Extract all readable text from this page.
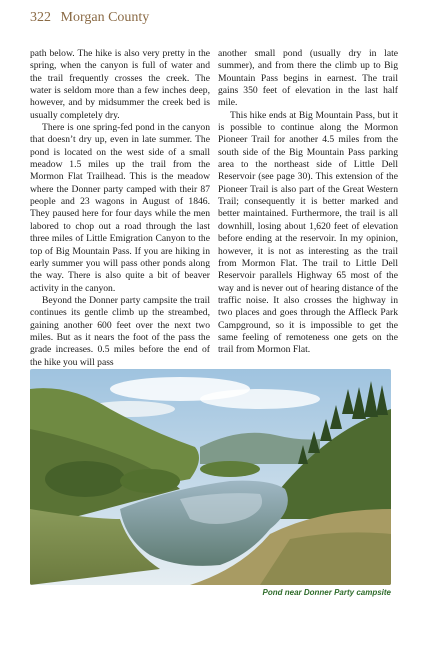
322 Morgan County

path below. The hike is also very pretty in the spring, when the canyon is full of water and the trail frequently crosses the creek. The water is seldom more than a few inches deep, however, and by midsummer the creek bed is usually completely dry.

There is one spring-fed pond in the canyon that doesn’t dry up, even in late summer. The pond is located on the west side of a small meadow 1.5 miles up the trail from the Mormon Flat Trailhead. This is the meadow where the Donner party camped with their 87 people and 23 wagons in August of 1846. They paused here for four days while the men labored to chop out a road through the last three miles of Little Emigration Canyon to the top of Big Mountain Pass. If you are hiking in early summer you will pass other ponds along the way. There is also quite a bit of beaver activity in the canyon.

Beyond the Donner party campsite the trail continues its gentle climb up the streambed, gaining another 600 feet over the next two miles. But as it nears the foot of the pass the grade increases. 0.5 miles before the end of the hike you will pass

another small pond (usually dry in late summer), and from there the climb up to Big Mountain Pass begins in earnest. The trail gains 350 feet of elevation in the last half mile.

This hike ends at Big Mountain Pass, but it is possible to continue along the Mormon Pioneer Trail for another 4.5 miles from the south side of the Big Mountain Pass parking area to the northeast side of Little Dell Reservoir (see page 30). This extension of the Pioneer Trail is also part of the Great Western Trail; consequently it is better marked and better maintained. Furthermore, the trail is all downhill, losing about 1,620 feet of elevation before ending at the reservoir. In my opinion, however, it is not as interesting as the trail from Mormon Flat. The trail to Little Dell Reservoir parallels Highway 65 most of the way and is never out of hearing distance of the traffic noise. It also crosses the highway in two places and goes through the Affleck Park Campground, so it is impossible to get the same feeling of remoteness one gets on the trail from Mormon Flat.

Pond near Donner Party campsite
